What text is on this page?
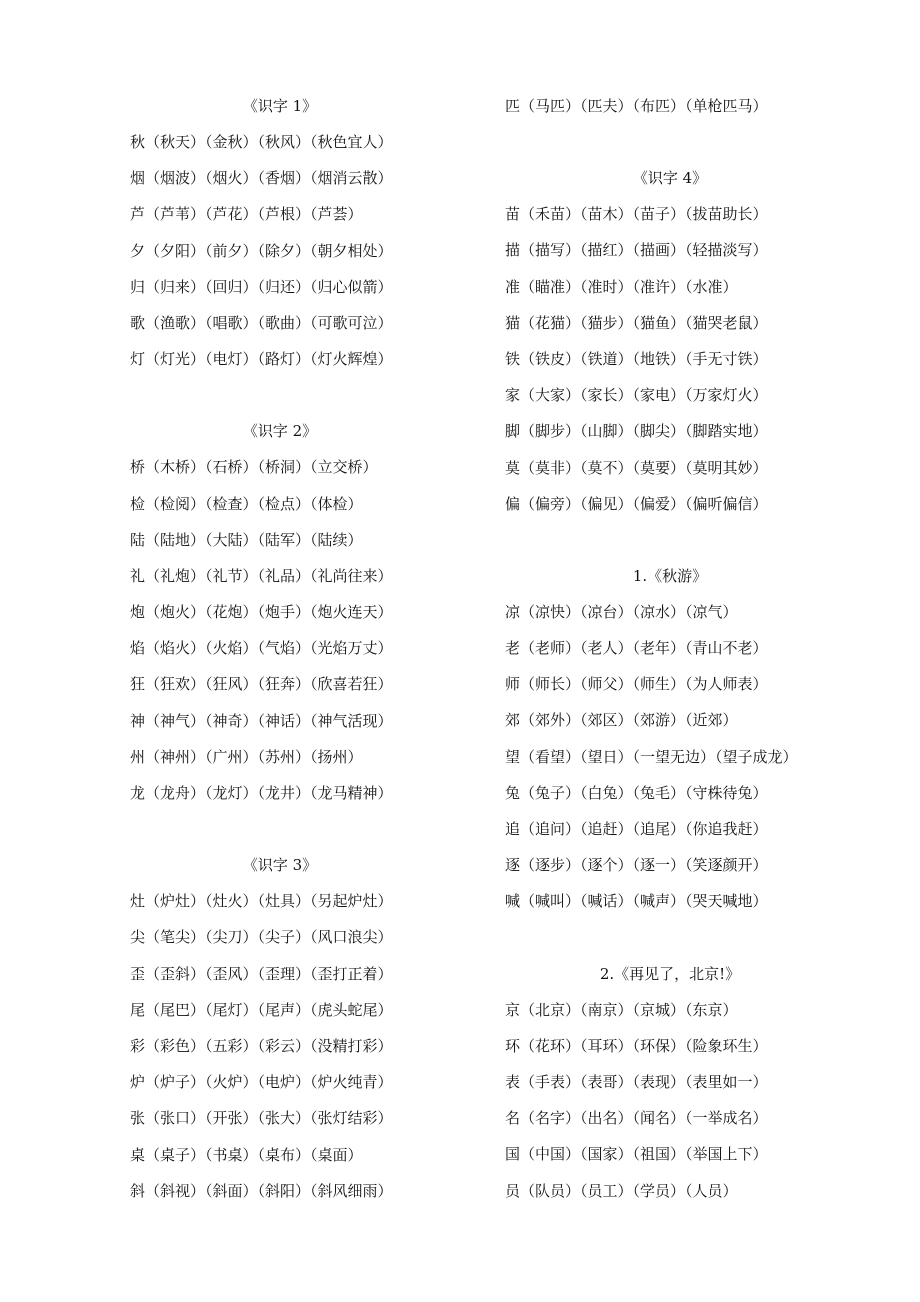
《识字 1》
秋（秋天）（金秋）（秋风）（秋色宜人）
烟（烟波）（烟火）（香烟）（烟消云散）
芦（芦苇）（芦花）（芦根）（芦荟）
夕（夕阳）（前夕）（除夕）（朝夕相处）
归（归来）（回归）（归还）（归心似箭）
歌（渔歌）（唱歌）（歌曲）（可歌可泣）
灯（灯光）（电灯）（路灯）（灯火辉煌）
《识字 2》
桥（木桥）（石桥）（桥洞）（立交桥）
检（检阅）（检查）（检点）（体检）
陆（陆地）（大陆）（陆军）（陆续）
礼（礼炮）（礼节）（礼品）（礼尚往来）
炮（炮火）（花炮）（炮手）（炮火连天）
焰（焰火）（火焰）（气焰）（光焰万丈）
狂（狂欢）（狂风）（狂奔）（欣喜若狂）
神（神气）（神奇）（神话）（神气活现）
州（神州）（广州）（苏州）（扬州）
龙（龙舟）（龙灯）（龙井）（龙马精神）
《识字 3》
灶（炉灶）（灶火）（灶具）（另起炉灶）
尖（笔尖）（尖刀）（尖子）（风口浪尖）
歪（歪斜）（歪风）（歪理）（歪打正着）
尾（尾巴）（尾灯）（尾声）（虎头蛇尾）
彩（彩色）（五彩）（彩云）（没精打彩）
炉（炉子）（火炉）（电炉）（炉火纯青）
张（张口）（开张）（张大）（张灯结彩）
桌（桌子）（书桌）（桌布）（桌面）
斜（斜视）（斜面）（斜阳）（斜风细雨）
匹（马匹）（匹夫）（布匹）（单枪匹马）
《识字 4》
苗（禾苗）（苗木）（苗子）（拔苗助长）
描（描写）（描红）（描画）（轻描淡写）
准（瞄准）（准时）（准许）（水准）
猫（花猫）（猫步）（猫鱼）（猫哭老鼠）
铁（铁皮）（铁道）（地铁）（手无寸铁）
家（大家）（家长）（家电）（万家灯火）
脚（脚步）（山脚）（脚尖）（脚踏实地）
莫（莫非）（莫不）（莫要）（莫明其妙）
偏（偏旁）（偏见）（偏爱）（偏听偏信）
1.《秋游》
凉（凉快）（凉台）（凉水）（凉气）
老（老师）（老人）（老年）（青山不老）
师（师长）（师父）（师生）（为人师表）
郊（郊外）（郊区）（郊游）（近郊）
望（看望）（望日）（一望无边）（望子成龙）
兔（兔子）（白兔）（兔毛）（守株待兔）
追（追问）（追赶）（追尾）（你追我赶）
逐（逐步）（逐个）（逐一）（笑逐颜开）
喊（喊叫）（喊话）（喊声）（哭天喊地）
2.《再见了，北京!》
京（北京）（南京）（京城）（东京）
环（花环）（耳环）（环保）（险象环生）
表（手表）（表哥）（表现）（表里如一）
名（名字）（出名）（闻名）（一举成名）
国（中国）（国家）（祖国）（举国上下）
员（队员）（员工）（学员）（人员）
